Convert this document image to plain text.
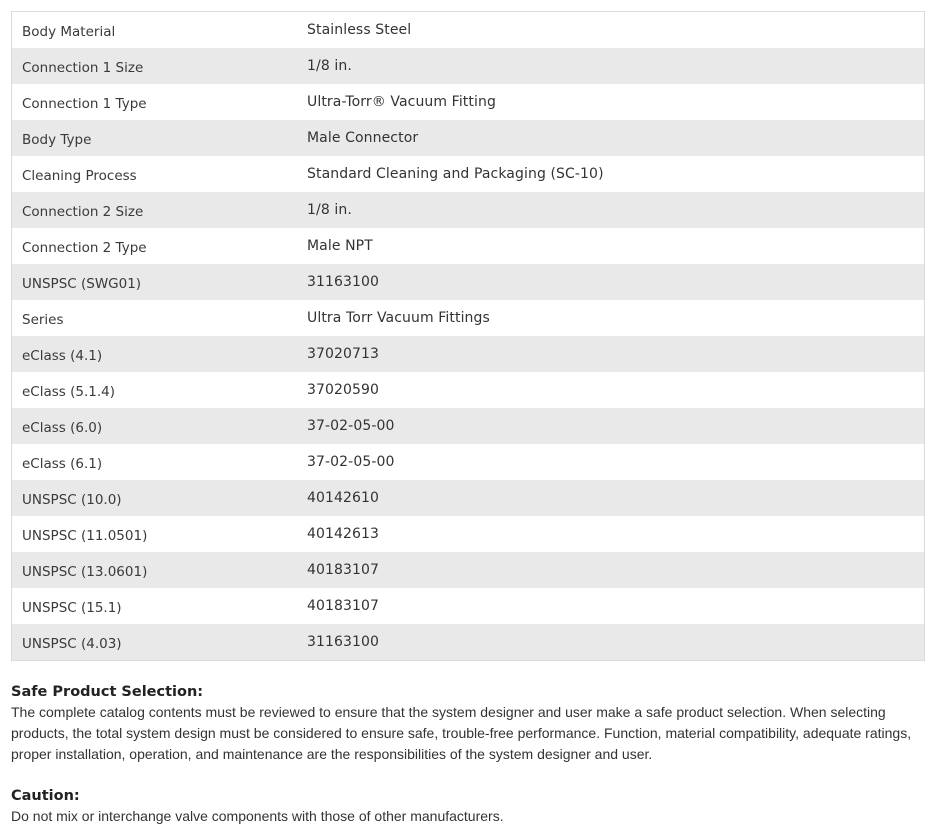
Body Material	Stainless Steel
Connection 1 Size	1/8 in.
Connection 1 Type	Ultra-Torr® Vacuum Fitting
Body Type	Male Connector
Cleaning Process	Standard Cleaning and Packaging (SC-10)
Connection 2 Size	1/8 in.
Connection 2 Type	Male NPT
UNSPSC (SWG01)	31163100
Series	Ultra Torr Vacuum Fittings
eClass (4.1)	37020713
eClass (5.1.4)	37020590
eClass (6.0)	37-02-05-00
eClass (6.1)	37-02-05-00
UNSPSC (10.0)	40142610
UNSPSC (11.0501)	40142613
UNSPSC (13.0601)	40183107
UNSPSC (15.1)	40183107
UNSPSC (4.03)	31163100
Safe Product Selection:
The complete catalog contents must be reviewed to ensure that the system designer and user make a safe product selection. When selecting products, the total system design must be considered to ensure safe, trouble-free performance. Function, material compatibility, adequate ratings, proper installation, operation, and maintenance are the responsibilities of the system designer and user.
Caution:
Do not mix or interchange valve components with those of other manufacturers.
